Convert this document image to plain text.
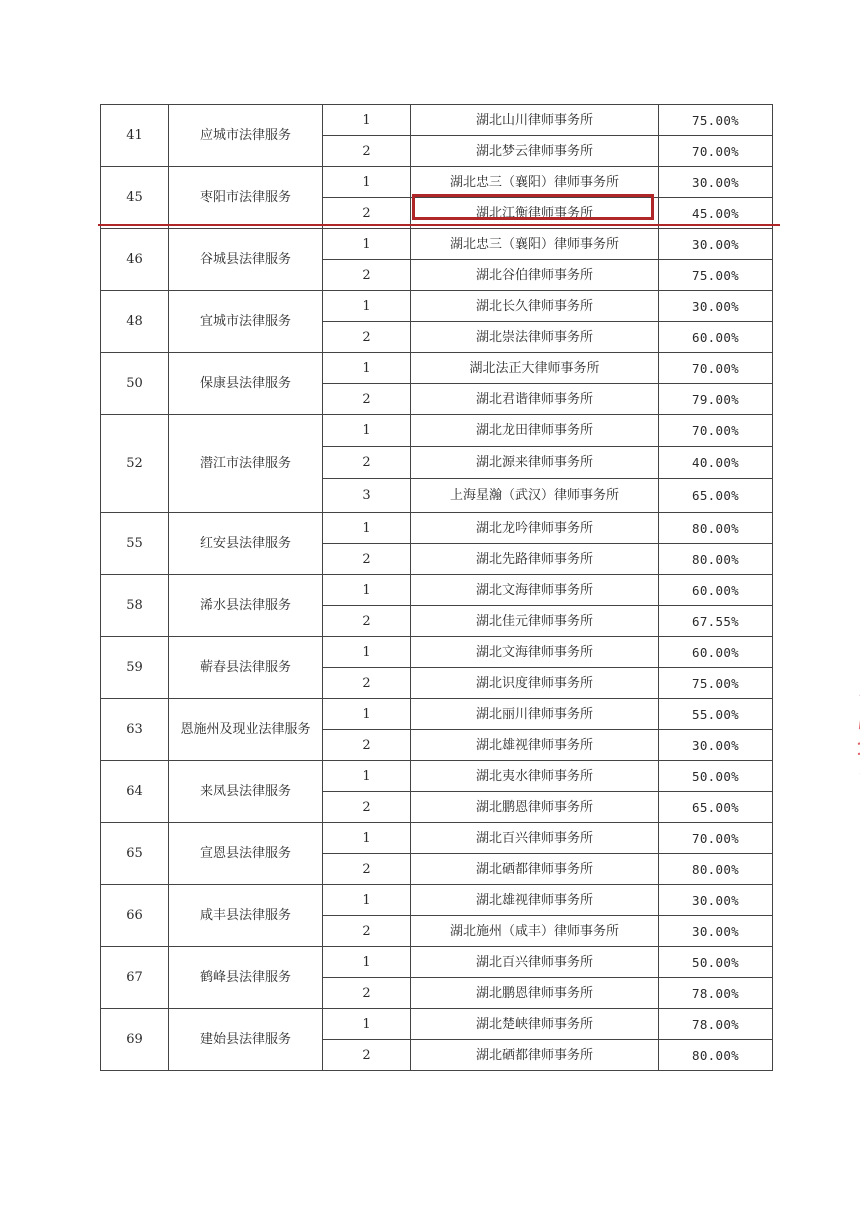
41	应城市法律服务	1	湖北山川律师事务所	75.00%
		2	湖北梦云律师事务所	70.00%
45	枣阳市法律服务	1	湖北忠三（襄阳）律师事务所	30.00%
		2	湖北江衡律师事务所	45.00%
46	谷城县法律服务	1	湖北忠三（襄阳）律师事务所	30.00%
		2	湖北谷伯律师事务所	75.00%
48	宜城市法律服务	1	湖北长久律师事务所	30.00%
		2	湖北崇法律师事务所	60.00%
50	保康县法律服务	1	湖北法正大律师事务所	70.00%
		2	湖北君谐律师事务所	79.00%
52	潜江市法律服务	1	湖北龙田律师事务所	70.00%
		2	湖北源来律师事务所	40.00%
		3	上海星瀚（武汉）律师事务所	65.00%
55	红安县法律服务	1	湖北龙吟律师事务所	80.00%
		2	湖北先路律师事务所	80.00%
58	浠水县法律服务	1	湖北文海律师事务所	60.00%
		2	湖北佳元律师事务所	67.55%
59	蕲春县法律服务	1	湖北文海律师事务所	60.00%
		2	湖北识度律师事务所	75.00%
63	恩施州及现业法律服务	1	湖北丽川律师事务所	55.00%
		2	湖北雄视律师事务所	30.00%
64	来凤县法律服务	1	湖北夷水律师事务所	50.00%
		2	湖北鹏恩律师事务所	65.00%
65	宣恩县法律服务	1	湖北百兴律师事务所	70.00%
		2	湖北硒都律师事务所	80.00%
66	咸丰县法律服务	1	湖北雄视律师事务所	30.00%
		2	湖北施州（咸丰）律师事务所	30.00%
67	鹤峰县法律服务	1	湖北百兴律师事务所	50.00%
		2	湖北鹏恩律师事务所	78.00%
69	建始县法律服务	1	湖北楚峡律师事务所	78.00%
		2	湖北硒都律师事务所	80.00%
